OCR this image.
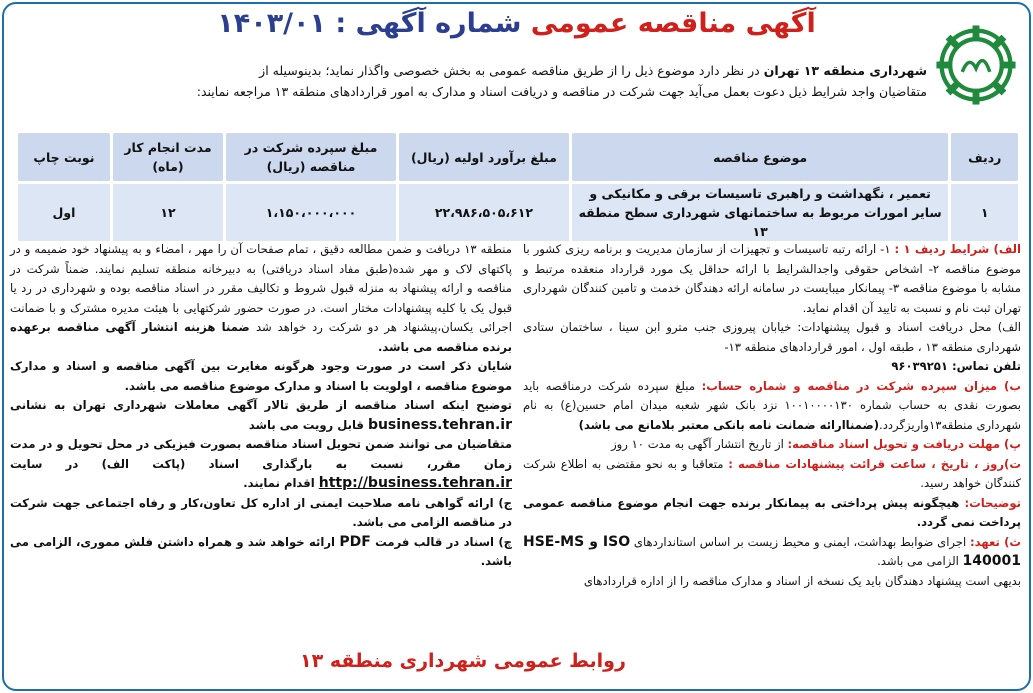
آگهی مناقصه عمومی شماره آگهی : ۱۴۰۳/۰۱
شهرداری منطقه ۱۳ تهران در نظر دارد موضوع ذیل را از طریق مناقصه عمومی به بخش خصوصی واگذار نماید؛ بدینوسیله از
متقاضیان واجد شرایط ذیل دعوت بعمل می‌آید جهت شرکت در مناقصه و دریافت اسناد و مدارک به امور قراردادهای منطقه ۱۳ مراجعه نمایند:
ردیف	موضوع مناقصه	مبلغ برآورد اولیه (ریال)	مبلغ سپرده شرکت در مناقصه (ریال)	مدت انجام کار (ماه)	نوبت چاپ
۱	تعمیر ، نگهداشت و راهبری تاسیسات برقی و مکانیکی و
سایر امورات مربوط به ساختمانهای شهرداری سطح منطقه ۱۳	۲۲،۹۸۶،۵۰۵،۶۱۲	۱،۱۵۰،۰۰۰،۰۰۰	۱۲	اول

الف) شرایط ردیف ۱ : ۱- ارائه رتبه تاسیسات و تجهیزات از سازمان مدیریت و برنامه ریزی کشور با موضوع مناقصه ۲- اشخاص حقوقی واجدالشرایط با ارائه حداقل یک مورد قرارداد منعقده مرتبط و مشابه با موضوع مناقصه ۳- پیمانکار میبایست در سامانه ارائه دهندگان خدمت و تامین کنندگان شهرداری تهران ثبت نام و نسبت به تایید آن اقدام نماید.

الف) محل دریافت اسناد و قبول پیشنهادات: خیابان پیروزی جنب مترو ابن سینا ، ساختمان ستادی شهرداری منطقه ۱۳ ، طبقه اول ، امور قراردادهای منطقه ۱۳-

تلفن تماس: ۹۶۰۳۹۲۵۱

ب) میزان سپرده شرکت در مناقصه و شماره حساب: مبلغ سپرده شرکت درمناقصه باید بصورت نقدی به حساب شماره ۱۰۰۱۰۰۰۰۱۳۰ نزد بانک شهر شعبه میدان امام حسین(ع) به نام شهرداری منطقه۱۳واریزگردد.(ضمناارائه ضمانت نامه بانکی معتبر بلامانع می باشد)

پ) مهلت دریافت و تحویل اسناد مناقصه: از تاریخ انتشار آگهی به مدت ۱۰ روز

ت)روز ، تاریخ ، ساعت قرائت پیشنهادات مناقصه : متعاقبا و به نحو مقتضی به اطلاع شرکت کنندگان خواهد رسید.

توضیحات: هیچگونه پیش پرداختی به پیمانکار برنده جهت انجام موضوع مناقصه عمومی پرداخت نمی گردد.

ث) تعهد: اجرای ضوابط بهداشت، ایمنی و محیط زیست بر اساس استانداردهای HSE-MS و ISO 140001 الزامی می باشد.

بدیهی است پیشنهاد دهندگان باید یک نسخه از اسناد و مدارک مناقصه را از اداره قراردادهای

منطقه ۱۳ دریافت و ضمن مطالعه دقیق ، تمام صفحات آن را مهر ، امضاء و به پیشنهاد خود ضمیمه و در پاکتهای لاک و مهر شده(طبق مفاد اسناد دریافتی) به دبیرخانه منطقه تسلیم نمایند. ضمناً شرکت در مناقصه و ارائه پیشنهاد به منزله قبول شروط و تکالیف مقرر در اسناد مناقصه بوده و شهرداری در رد یا قبول یک یا کلیه پیشنهادات مختار است. در صورت حضور شرکتهایی با هیئت مدیره مشترک و با ضمانت اجرائی یکسان،پیشنهاد هر دو شرکت رد خواهد شد ضمنا هزینه انتشار آگهی مناقصه برعهده برنده مناقصه می باشد.

شایان ذکر است در صورت وجود هرگونه مغایرت بین آگهی مناقصه و اسناد و مدارک موضوع مناقصه ، اولویت با اسناد و مدارک موضوع مناقصه می باشد.

توضیح اینکه اسناد مناقصه از طریق تالار آگهی معاملات شهرداری تهران به نشانی business.tehran.ir قابل رویت می باشد

متقاضیان می توانند ضمن تحویل اسناد مناقصه بصورت فیزیکی در محل تحویل و در مدت زمان مقرر، نسبت به بارگذاری اسناد (پاکت الف) در سایت http://business.tehran.ir اقدام نمایند.

ج) ارائه گواهی نامه صلاحیت ایمنی از اداره کل تعاون،کار و رفاه اجتماعی جهت شرکت در مناقصه الزامی می باشد.

چ) اسناد در قالب فرمت PDF ارائه خواهد شد و همراه داشتن فلش مموری، الزامی می باشد.

روابط عمومی شهرداری منطقه ۱۳
